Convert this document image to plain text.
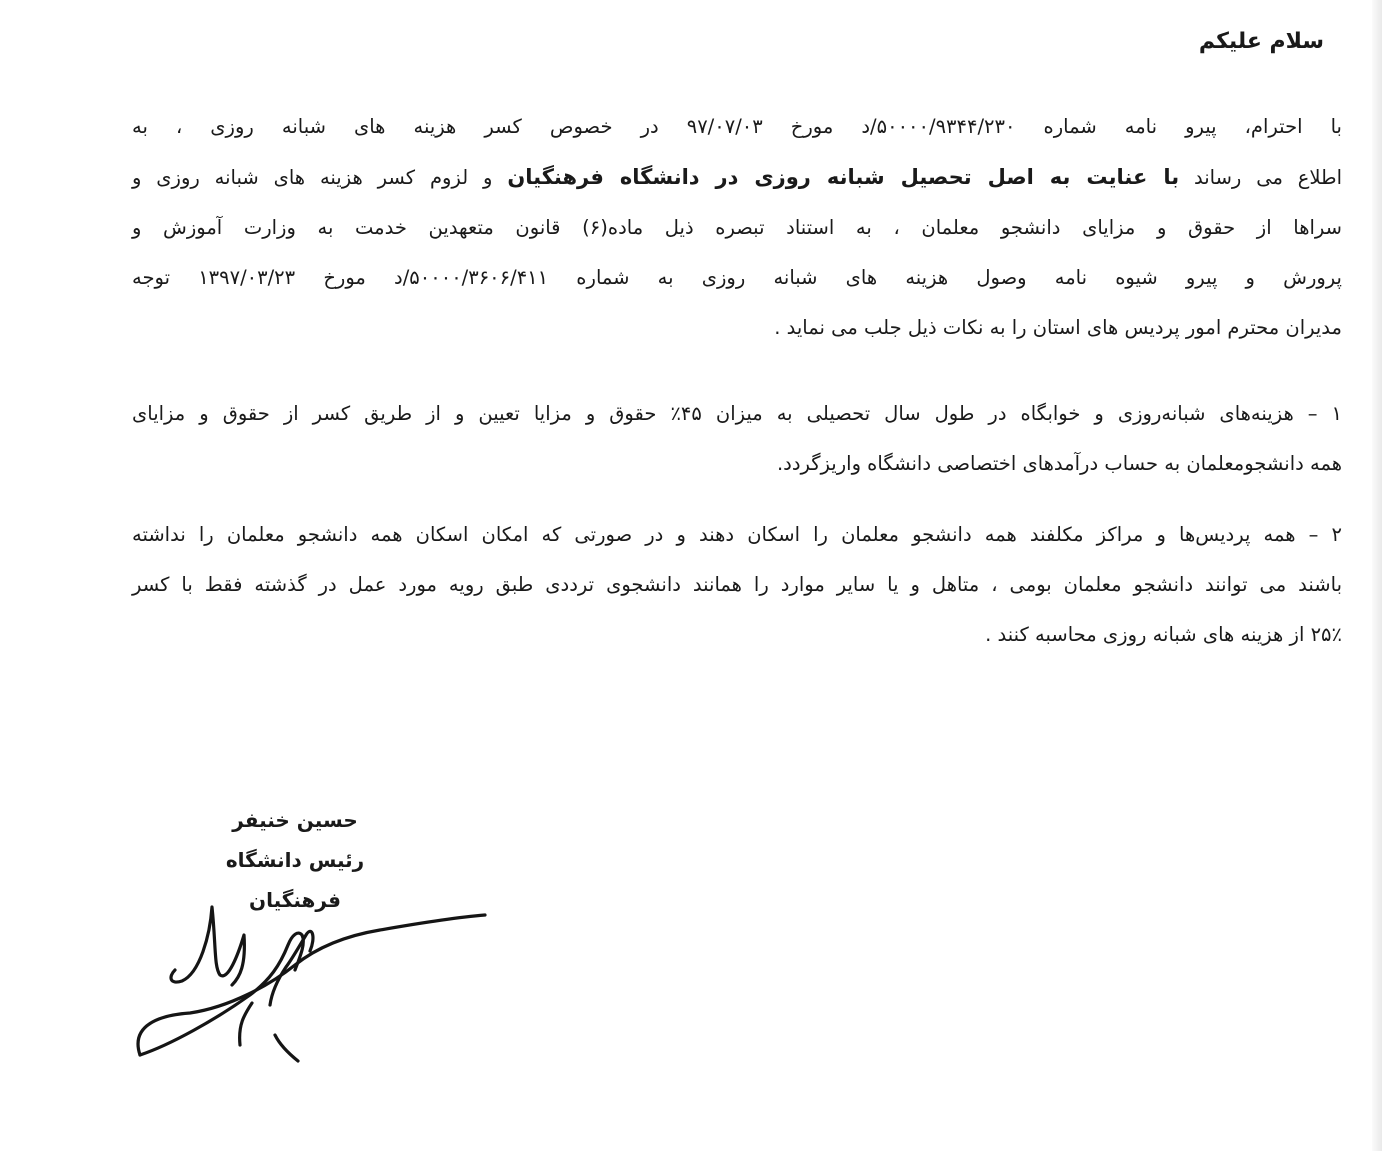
سلام علیکم
با احترام، پیرو نامه شماره ۵۰۰۰۰/۹۳۴۴/۲۳۰/د مورخ ۹۷/۰۷/۰۳ در خصوص کسر هزینه های شبانه روزی ، به
اطلاع می رساند با عنایت به اصل تحصیل شبانه روزی در دانشگاه فرهنگیان و لزوم کسر هزینه های شبانه روزی و
سراها از حقوق و مزایای دانشجو معلمان ، به استناد تبصره ذیل ماده(۶) قانون متعهدین خدمت به وزارت آموزش و
پرورش و پیرو شیوه نامه وصول هزینه های شبانه روزی به شماره ۵۰۰۰۰/۳۶۰۶/۴۱۱/د مورخ ۱۳۹۷/۰۳/۲۳ توجه
مدیران محترم امور پردیس های استان را به نکات ذیل جلب می نماید .
۱ – هزینه‌های شبانه‌روزی و خوابگاه در طول سال تحصیلی به میزان ۴۵٪ حقوق و مزایا تعیین و از طریق کسر از حقوق و مزایای
همه دانشجومعلمان به حساب درآمدهای اختصاصی دانشگاه واریزگردد.
۲ – همه پردیس‌ها و مراکز مکلفند همه دانشجو معلمان را اسکان دهند و در صورتی که امکان اسکان همه دانشجو معلمان را نداشته
باشند می توانند دانشجو معلمان بومی ، متاهل و یا سایر موارد را همانند دانشجوی ترددی طبق رویه مورد عمل در گذشته فقط با کسر
۲۵٪ از هزینه های شبانه روزی محاسبه کنند .
حسین خنیفر
رئیس دانشگاه فرهنگیان
